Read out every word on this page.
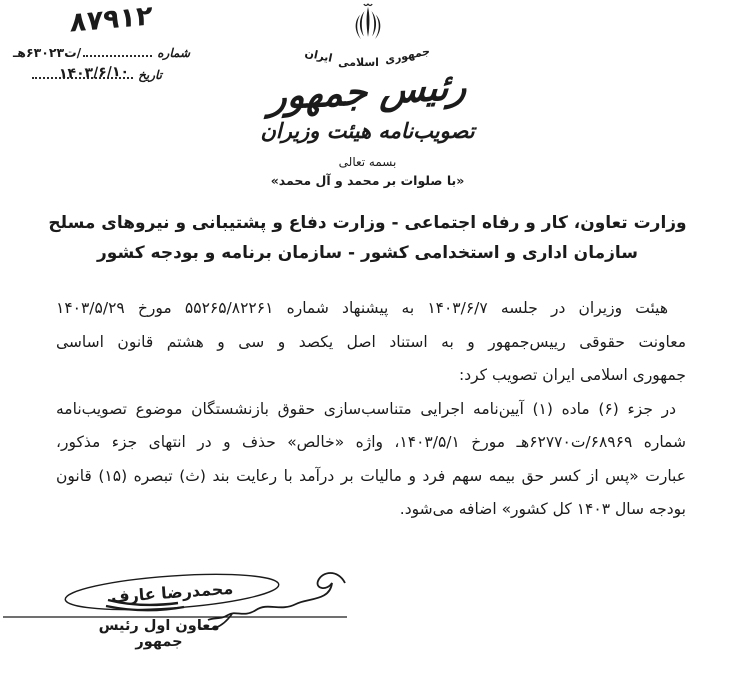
۸۷۹۱۲
شماره
/ت۶۳۰۲۳هـ
تاریخ
۱۴۰۳/۶/۱۰
جمهوری
اسلامی
ایران
رئیس جمهور
تصویب‌نامه هیئت وزیران
بسمه تعالی
«با صلوات بر محمد و آل محمد»
وزارت تعاون، کار و رفاه اجتماعی - وزارت دفاع و پشتیبانی و نیروهای مسلح
سازمان اداری و استخدامی کشور - سازمان برنامه و بودجه کشور
هیئت وزیران در جلسه ۱۴۰۳/۶/۷ به پیشنهاد شماره ۵۵۲۶۵/۸۲۲۶۱ مورخ ۱۴۰۳/۵/۲۹
معاونت حقوقی رییس‌جمهور و به استناد اصل یکصد و سی و هشتم قانون اساسی
جمهوری اسلامی ایران تصویب کرد:
در جزء (۶) ماده (۱) آیین‌نامه اجرایی متناسب‌سازی حقوق بازنشستگان موضوع تصویب‌نامه
شماره ۶۸۹۶۹/ت۶۲۷۷۰هـ مورخ ۱۴۰۳/۵/۱، واژه «خالص» حذف و در انتهای جزء مذکور،
عبارت «پس از کسر حق بیمه سهم فرد و مالیات بر درآمد با رعایت بند (ث) تبصره (۱۵) قانون
بودجه سال ۱۴۰۳ کل کشور» اضافه می‌شود.
محمدرضا عارف
معاون اول رئیس جمهور
